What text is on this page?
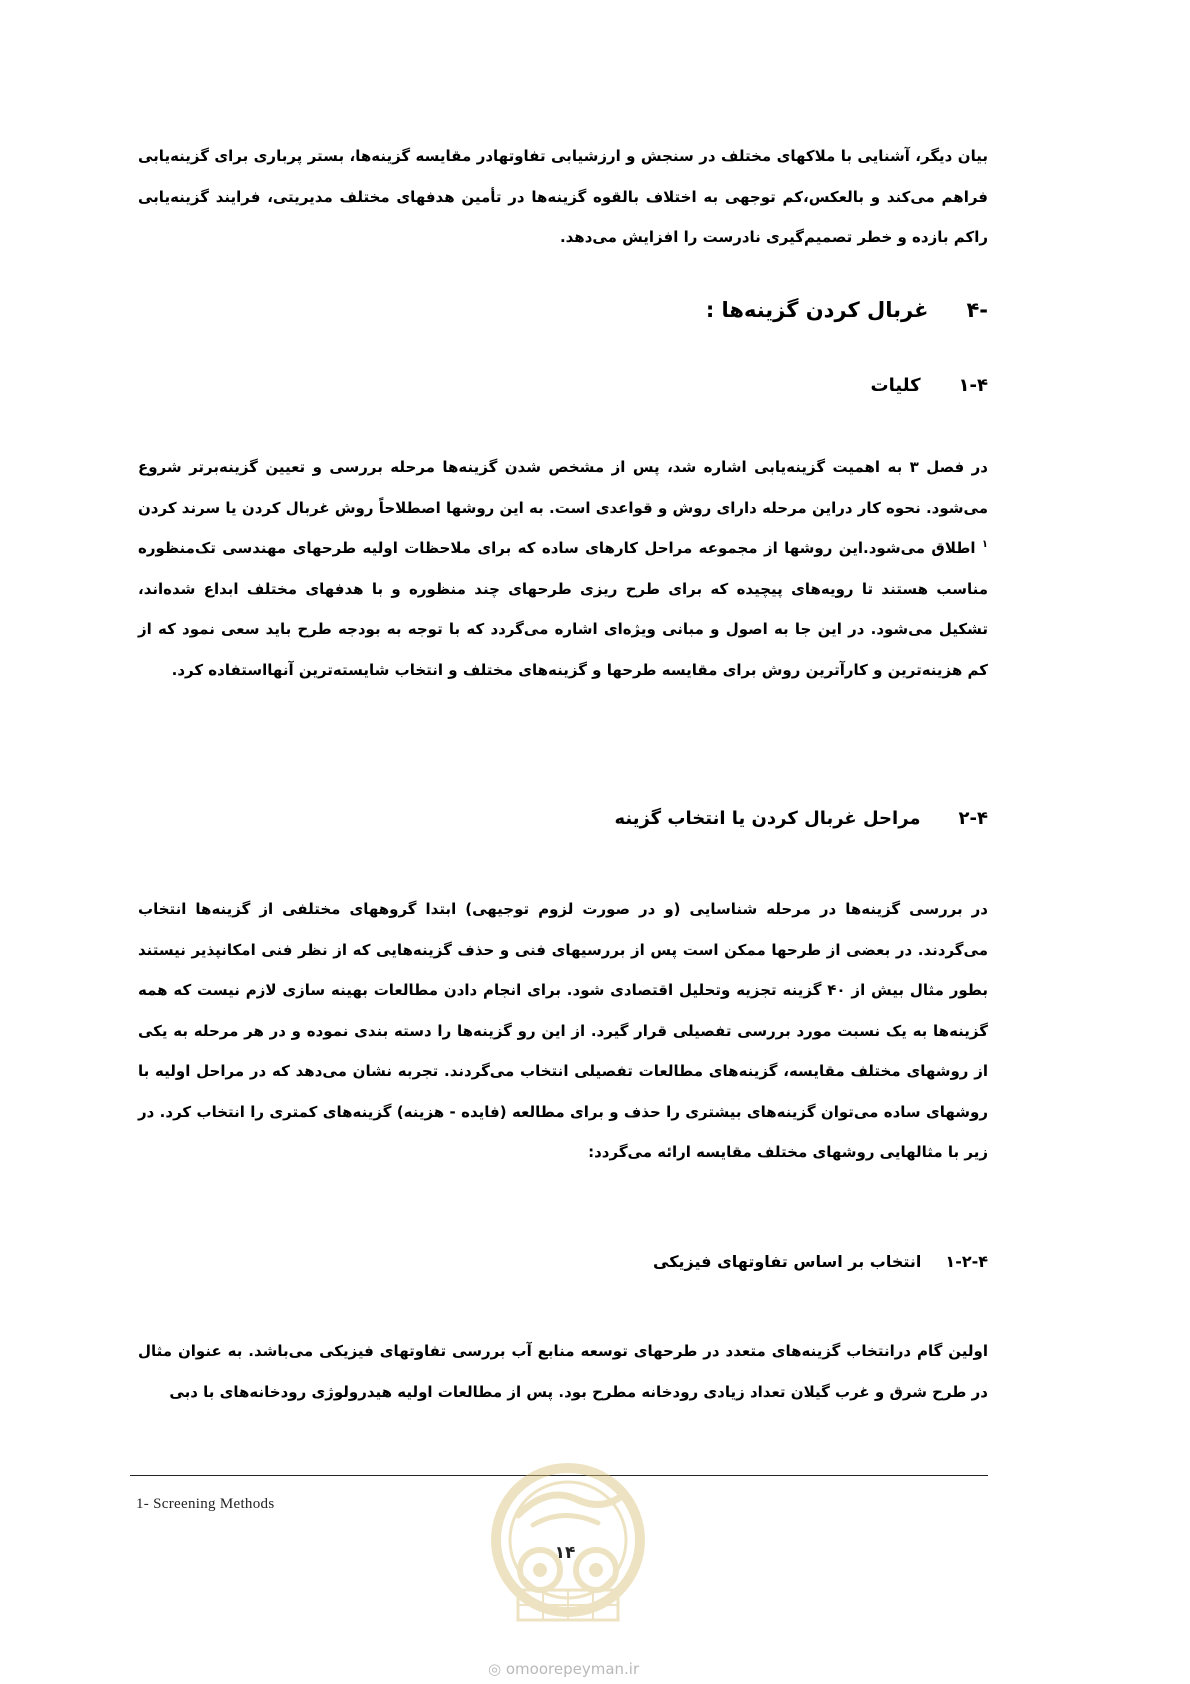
بیان دیگر، آشنایی با ملاکهای مختلف در سنجش و ارزشیابی تفاوتهادر مقایسه گزینه‌ها، بستر پرباری برای گزینه‌یابی فراهم می‌کند و بالعکس،کم توجهی به اختلاف بالقوه گزینه‌ها در تأمین هدفهای مختلف مدیریتی، فرایند گزینه‌یابی راکم بازده و خطر تصمیم‌گیری نادرست را افزایش می‌دهد.

-۴
غربال کردن گزینه‌ها :
۱-۴
کلیات

در فصل ۳ به اهمیت گزینه‌یابی اشاره شد، پس از مشخص شدن گزینه‌ها مرحله بررسی و تعیین گزینه‌برتر شروع می‌شود. نحوه کار دراین مرحله دارای روش و قواعدی است. به این روشها اصطلاحاً روش غربال کردن یا سرند کردن $^۱$ اطلاق می‌شود.این روشها از مجموعه مراحل کارهای ساده که برای ملاحظات اولیه طرحهای مهندسی تک‌منظوره مناسب هستند تا رویه‌های پیچیده که برای طرح ریزی طرحهای چند منظوره و با هدفهای مختلف ابداع شده‌اند، تشکیل می‌شود. در این جا به اصول و مبانی ویژه‌ای اشاره می‌گردد که با توجه به بودجه طرح باید سعی نمود که از کم هزینه‌ترین و کارآترین روش برای مقایسه طرحها و گزینه‌های مختلف و انتخاب شایسته‌ترین آنهااستفاده کرد.

۲-۴
مراحل غربال کردن یا انتخاب گزینه

در بررسی گزینه‌ها در مرحله شناسایی (و در صورت لزوم توجیهی) ابتدا گروههای مختلفی از گزینه‌ها انتخاب می‌گردند. در بعضی از طرحها ممکن است پس از بررسیهای فنی و حذف گزینه‌هایی که از نظر فنی امکانپذیر نیستند بطور مثال بیش از ۴۰ گزینه تجزیه وتحلیل اقتصادی شود. برای انجام دادن مطالعات بهینه سازی لازم نیست که همه گزینه‌ها به یک نسبت مورد بررسی تفصیلی قرار گیرد. از این رو گزینه‌ها را دسته بندی نموده و در هر مرحله به یکی از روشهای مختلف مقایسه، گزینه‌های مطالعات تفصیلی انتخاب می‌گردند. تجربه نشان می‌دهد که در مراحل اولیه با روشهای ساده می‌توان گزینه‌های بیشتری را حذف و برای مطالعه (فایده - هزینه) گزینه‌های کمتری را انتخاب کرد. در زیر با مثالهایی روشهای مختلف مقایسه ارائه می‌گردد:

۱-۲-۴
انتخاب بر اساس تفاوتهای فیزیکی

اولین گام درانتخاب گزینه‌های متعدد در طرحهای توسعه منابع آب بررسی تفاوتهای فیزیکی می‌باشد. به عنوان مثال در طرح شرق و غرب گیلان تعداد زیادی رودخانه مطرح بود. پس از مطالعات اولیه هیدرولوژی رودخانه‌های با دبی

1- Screening Methods
۱۴
◎ omoorepeyman.ir
